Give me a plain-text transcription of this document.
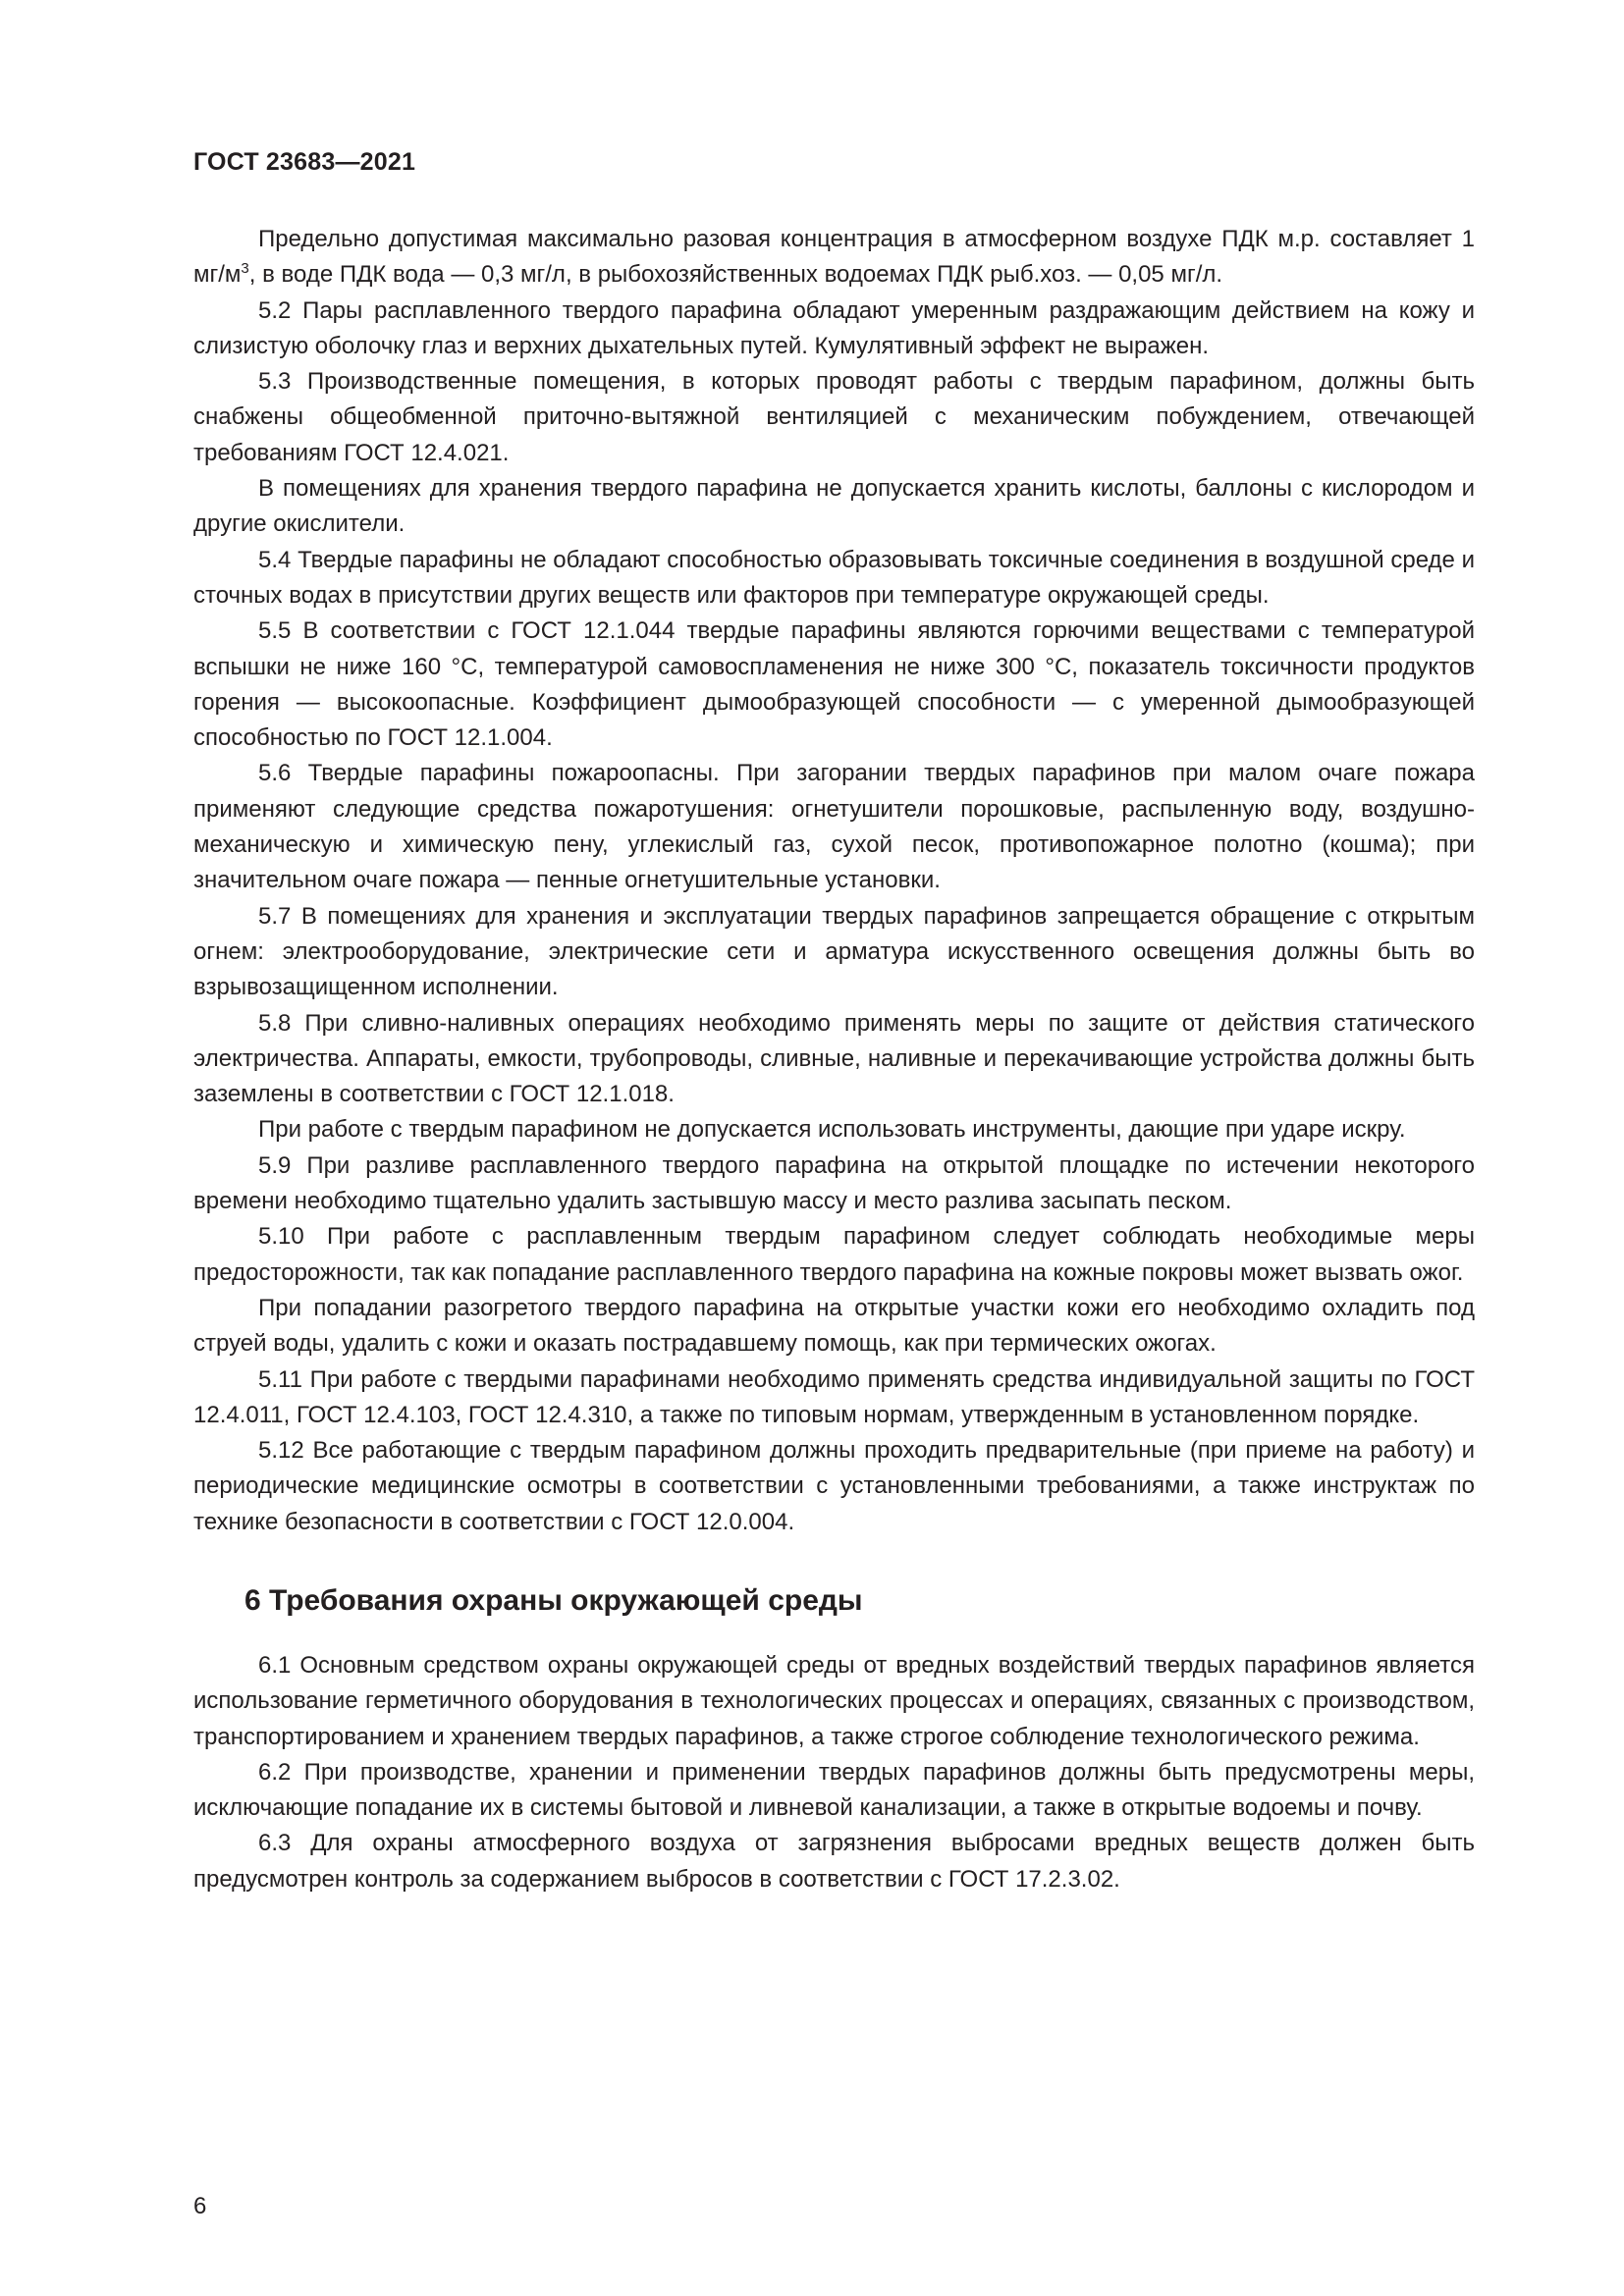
ГОСТ 23683—2021

Предельно допустимая максимально разовая концентрация в атмосферном воздухе ПДК м.р. составляет 1 $мг/м^3$, в воде ПДК вода — 0,3 мг/л, в рыбохозяйственных водоемах ПДК рыб.хоз. — 0,05 мг/л.

5.2 Пары расплавленного твердого парафина обладают умеренным раздражающим действием на кожу и слизистую оболочку глаз и верхних дыхательных путей. Кумулятивный эффект не выражен.

5.3 Производственные помещения, в которых проводят работы с твердым парафином, должны быть снабжены общеобменной приточно-вытяжной вентиляцией с механическим побуждением, отвечающей требованиям ГОСТ 12.4.021.

В помещениях для хранения твердого парафина не допускается хранить кислоты, баллоны с кислородом и другие окислители.

5.4 Твердые парафины не обладают способностью образовывать токсичные соединения в воздушной среде и сточных водах в присутствии других веществ или факторов при температуре окружающей среды.

5.5 В соответствии с ГОСТ 12.1.044 твердые парафины являются горючими веществами с температурой вспышки не ниже 160 °С, температурой самовоспламенения не ниже 300 °С, показатель токсичности продуктов горения — высокоопасные. Коэффициент дымообразующей способности — с умеренной дымообразующей способностью по ГОСТ 12.1.004.

5.6 Твердые парафины пожароопасны. При загорании твердых парафинов при малом очаге пожара применяют следующие средства пожаротушения: огнетушители порошковые, распыленную воду, воздушно-механическую и химическую пену, углекислый газ, сухой песок, противопожарное полотно (кошма); при значительном очаге пожара — пенные огнетушительные установки.

5.7 В помещениях для хранения и эксплуатации твердых парафинов запрещается обращение с открытым огнем: электрооборудование, электрические сети и арматура искусственного освещения должны быть во взрывозащищенном исполнении.

5.8 При сливно-наливных операциях необходимо применять меры по защите от действия статического электричества. Аппараты, емкости, трубопроводы, сливные, наливные и перекачивающие устройства должны быть заземлены в соответствии с ГОСТ 12.1.018.

При работе с твердым парафином не допускается использовать инструменты, дающие при ударе искру.

5.9 При разливе расплавленного твердого парафина на открытой площадке по истечении некоторого времени необходимо тщательно удалить застывшую массу и место разлива засыпать песком.

5.10 При работе с расплавленным твердым парафином следует соблюдать необходимые меры предосторожности, так как попадание расплавленного твердого парафина на кожные покровы может вызвать ожог.

При попадании разогретого твердого парафина на открытые участки кожи его необходимо охладить под струей воды, удалить с кожи и оказать пострадавшему помощь, как при термических ожогах.

5.11 При работе с твердыми парафинами необходимо применять средства индивидуальной защиты по ГОСТ 12.4.011, ГОСТ 12.4.103, ГОСТ 12.4.310, а также по типовым нормам, утвержденным в установленном порядке.

5.12 Все работающие с твердым парафином должны проходить предварительные (при приеме на работу) и периодические медицинские осмотры в соответствии с установленными требованиями, а также инструктаж по технике безопасности в соответствии с ГОСТ 12.0.004.

6 Требования охраны окружающей среды

6.1 Основным средством охраны окружающей среды от вредных воздействий твердых парафинов является использование герметичного оборудования в технологических процессах и операциях, связанных с производством, транспортированием и хранением твердых парафинов, а также строгое соблюдение технологического режима.

6.2 При производстве, хранении и применении твердых парафинов должны быть предусмотрены меры, исключающие попадание их в системы бытовой и ливневой канализации, а также в открытые водоемы и почву.

6.3 Для охраны атмосферного воздуха от загрязнения выбросами вредных веществ должен быть предусмотрен контроль за содержанием выбросов в соответствии с ГОСТ 17.2.3.02.

6
